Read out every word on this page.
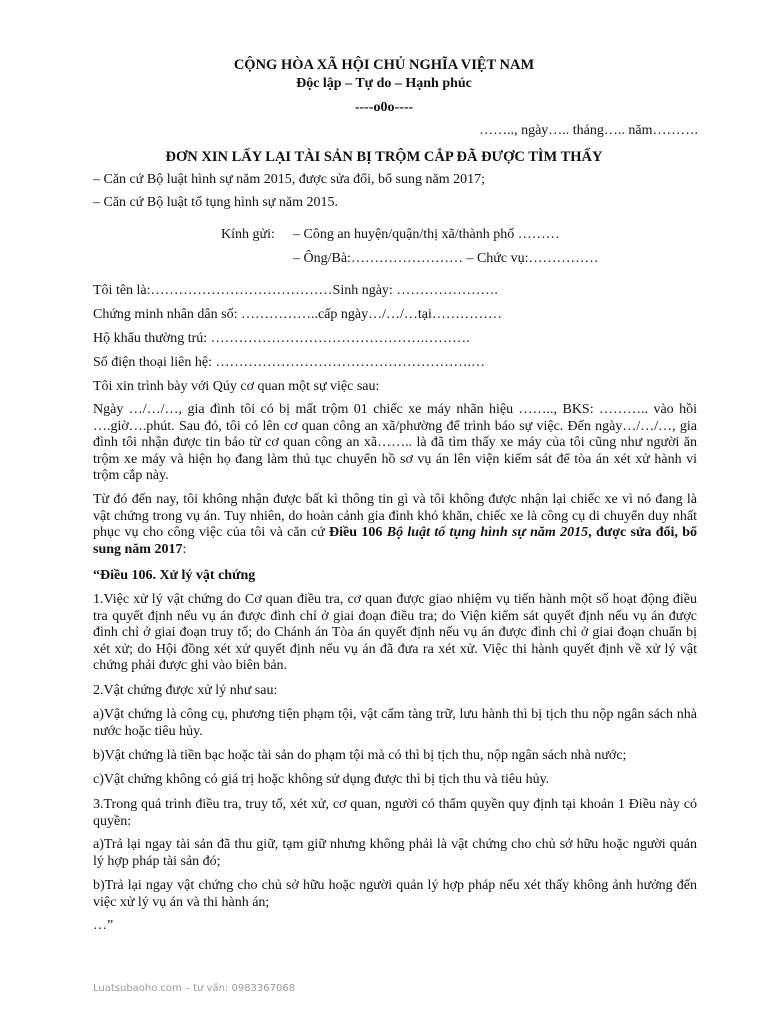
CỘNG HÒA XÃ HỘI CHỦ NGHĨA VIỆT NAM
Độc lập – Tự do – Hạnh phúc
----o0o----
…….., ngày….. tháng….. năm……….
ĐƠN XIN LẤY LẠI TÀI SẢN BỊ TRỘM CẮP ĐÃ ĐƯỢC TÌM THẤY
– Căn cứ Bộ luật hình sự năm 2015, được sửa đổi, bổ sung năm 2017;
– Căn cứ Bộ luật tố tụng hình sự năm 2015.
Kính gửi: – Công an huyện/quận/thị xã/thành phố ………
– Ông/Bà:…………………… – Chức vụ:……………
Tôi tên là:…………………………………Sinh ngày: ………………….
Chứng minh nhân dân số: ……………..cấp ngày…/…/…tại……………
Hộ khẩu thường trú: ……………………………………….……….
Số điện thoại liên hệ: ……………………………………………….…
Tôi xin trình bày với Qúy cơ quan một sự việc sau:
Ngày …/…/…, gia đình tôi có bị mất trộm 01 chiếc xe máy nhãn hiệu …….., BKS: ……….. vào hồi ….giờ….phút. Sau đó, tôi có lên cơ quan công an xã/phường để trình báo sự việc. Đến ngày…/…/…, gia đình tôi nhận được tin báo từ cơ quan công an xã…….. là đã tìm thấy xe máy của tôi cũng như người ăn trộm xe máy và hiện họ đang làm thủ tục chuyển hồ sơ vụ án lên viện kiểm sát để tòa án xét xử hành vi trộm cắp này.
Từ đó đến nay, tôi không nhận được bất kì thông tin gì và tôi không được nhận lại chiếc xe vì nó đang là vật chứng trong vụ án. Tuy nhiên, do hoàn cảnh gia đình khó khăn, chiếc xe là công cụ di chuyển duy nhất phục vụ cho công việc của tôi và căn cứ Điều 106 Bộ luật tố tụng hình sự năm 2015, được sửa đổi, bổ sung năm 2017:
“Điều 106. Xử lý vật chứng
1.Việc xử lý vật chứng do Cơ quan điều tra, cơ quan được giao nhiệm vụ tiến hành một số hoạt động điều tra quyết định nếu vụ án được đình chỉ ở giai đoạn điều tra; do Viện kiểm sát quyết định nếu vụ án được đình chỉ ở giai đoạn truy tố; do Chánh án Tòa án quyết định nếu vụ án được đình chỉ ở giai đoạn chuẩn bị xét xử; do Hội đồng xét xử quyết định nếu vụ án đã đưa ra xét xử. Việc thi hành quyết định về xử lý vật chứng phải được ghi vào biên bản.
2.Vật chứng được xử lý như sau:
a)Vật chứng là công cụ, phương tiện phạm tội, vật cấm tàng trữ, lưu hành thì bị tịch thu nộp ngân sách nhà nước hoặc tiêu hủy.
b)Vật chứng là tiền bạc hoặc tài sản do phạm tội mà có thì bị tịch thu, nộp ngân sách nhà nước;
c)Vật chứng không có giá trị hoặc không sử dụng được thì bị tịch thu và tiêu hủy.
3.Trong quá trình điều tra, truy tố, xét xử, cơ quan, người có thẩm quyền quy định tại khoản 1 Điều này có quyền:
a)Trả lại ngay tài sản đã thu giữ, tạm giữ nhưng không phải là vật chứng cho chủ sở hữu hoặc người quản lý hợp pháp tài sản đó;
b)Trả lại ngay vật chứng cho chủ sở hữu hoặc người quản lý hợp pháp nếu xét thấy không ảnh hưởng đến việc xử lý vụ án và thi hành án;
…”
Luatsubaoho.com – tư vấn: 0983367068
